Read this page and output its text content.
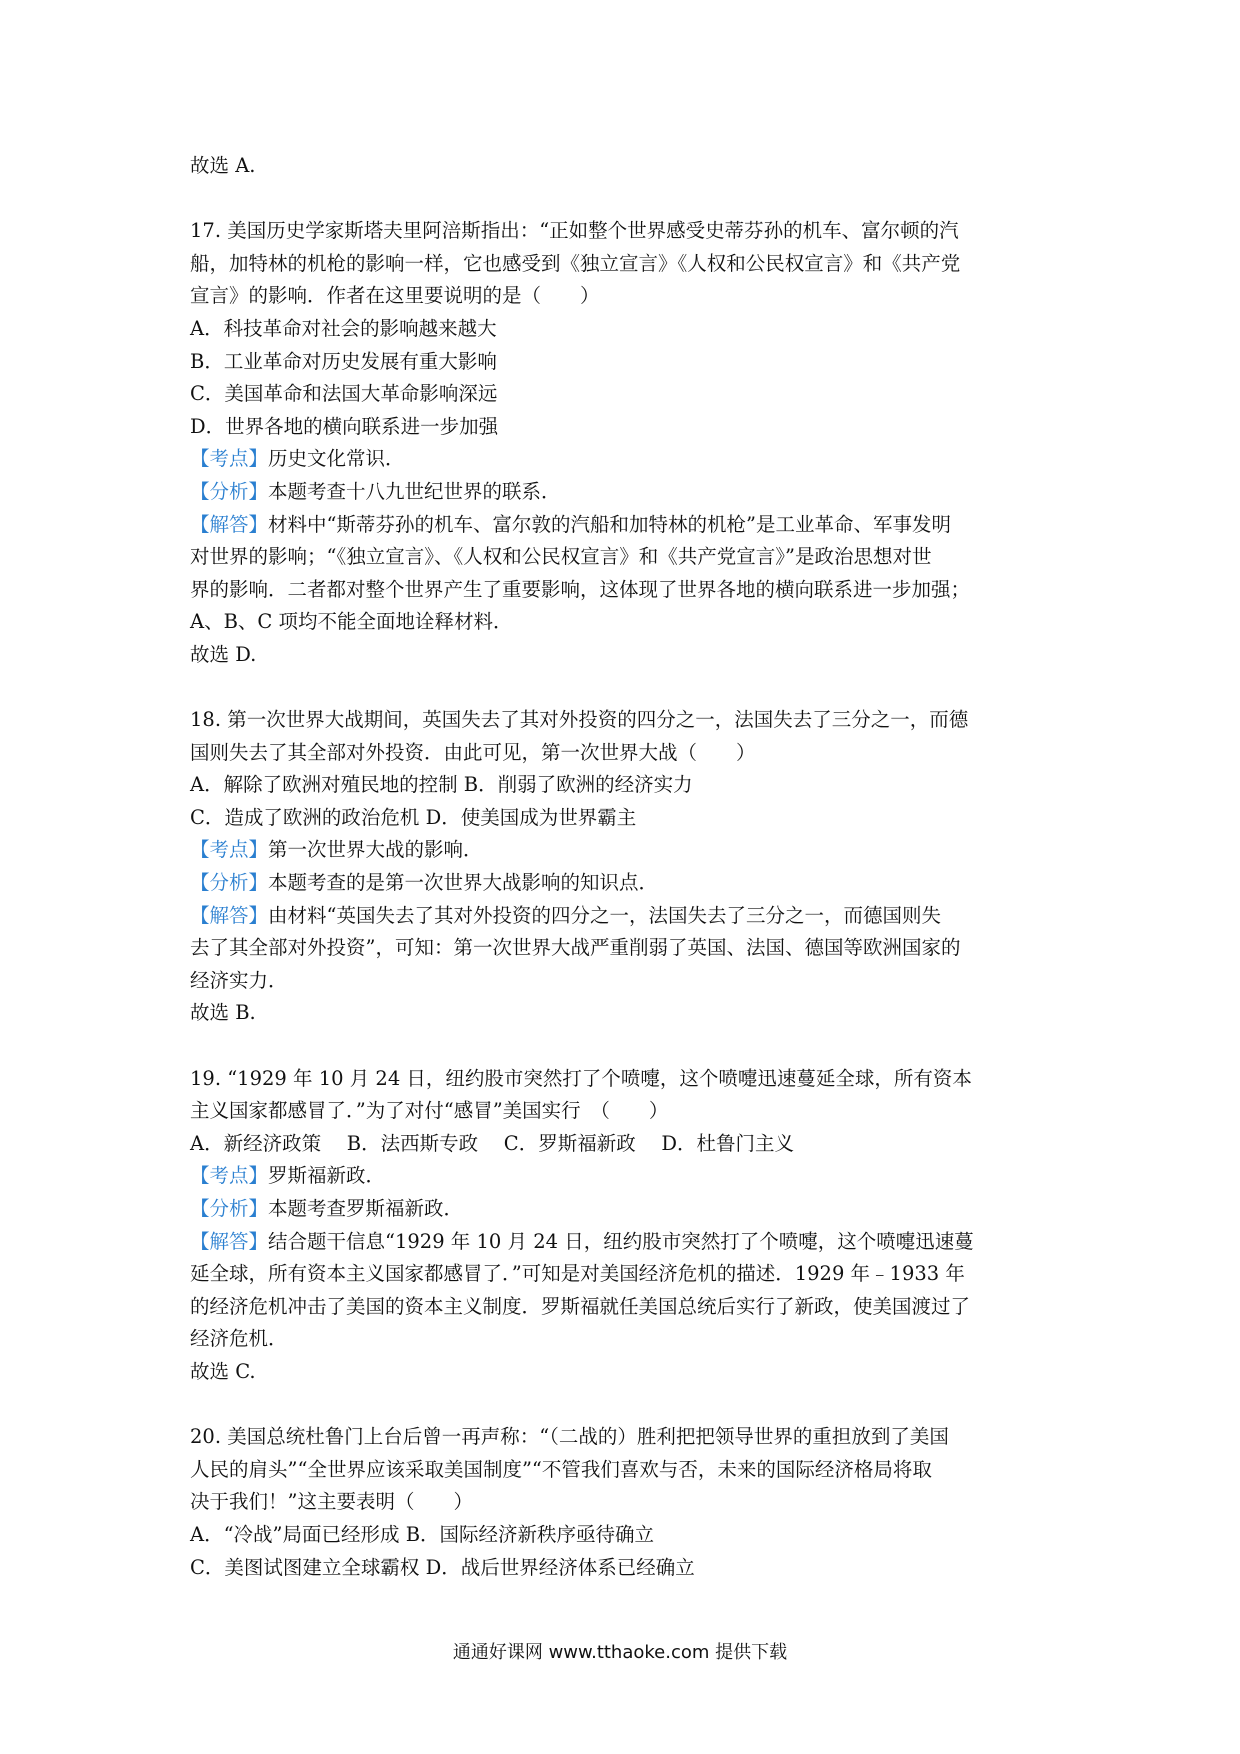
故选 A.
17. 美国历史学家斯塔夫里阿涪斯指出：“正如整个世界感受史蒂芬孙的机车、富尔顿的汽
船，加特林的机枪的影响一样，它也感受到《独立宣言》《人权和公民权宣言》和《共产党
宣言》的影响．作者在这里要说明的是（　　）
A．科技革命对社会的影响越来越大
B．工业革命对历史发展有重大影响
C．美国革命和法国大革命影响深远
D．世界各地的横向联系进一步加强
【考点】历史文化常识．
【分析】本题考查十八九世纪世界的联系．
【解答】材料中“斯蒂芬孙的机车、富尔敦的汽船和加特林的机枪”是工业革命、军事发明
对世界的影响；“《独立宣言》、《人权和公民权宣言》和《共产党宣言》”是政治思想对世
界的影响．二者都对整个世界产生了重要影响，这体现了世界各地的横向联系进一步加强；
A、B、C 项均不能全面地诠释材料．
故选 D.
18. 第一次世界大战期间，英国失去了其对外投资的四分之一，法国失去了三分之一，而德
国则失去了其全部对外投资．由此可见，第一次世界大战（　　）
A．解除了欧洲对殖民地的控制 B．削弱了欧洲的经济实力
C．造成了欧洲的政治危机 D．使美国成为世界霸主
【考点】第一次世界大战的影响．
【分析】本题考查的是第一次世界大战影响的知识点．
【解答】由材料“英国失去了其对外投资的四分之一，法国失去了三分之一，而德国则失
去了其全部对外投资”，可知：第一次世界大战严重削弱了英国、法国、德国等欧洲国家的
经济实力．
故选 B.
19. “1929 年 10 月 24 日，纽约股市突然打了个喷嚏，这个喷嚏迅速蔓延全球，所有资本
主义国家都感冒了．”为了对付“感冒”美国实行　（　　）
A．新经济政策　 B．法西斯专政　 C．罗斯福新政　 D．杜鲁门主义
【考点】罗斯福新政．
【分析】本题考查罗斯福新政．
【解答】结合题干信息“1929 年 10 月 24 日，纽约股市突然打了个喷嚏，这个喷嚏迅速蔓
延全球，所有资本主义国家都感冒了．”可知是对美国经济危机的描述．1929 年﹣1933 年
的经济危机冲击了美国的资本主义制度．罗斯福就任美国总统后实行了新政，使美国渡过了
经济危机．
故选 C.
20. 美国总统杜鲁门上台后曾一再声称：“（二战的）胜利把把领导世界的重担放到了美国
人民的肩头”“全世界应该采取美国制度”“不管我们喜欢与否，未来的国际经济格局将取
决于我们！”这主要表明（　　）
A．“冷战”局面已经形成 B．国际经济新秩序亟待确立
C．美图试图建立全球霸权 D．战后世界经济体系已经确立
通通好课网 www.tthaoke.com 提供下载
